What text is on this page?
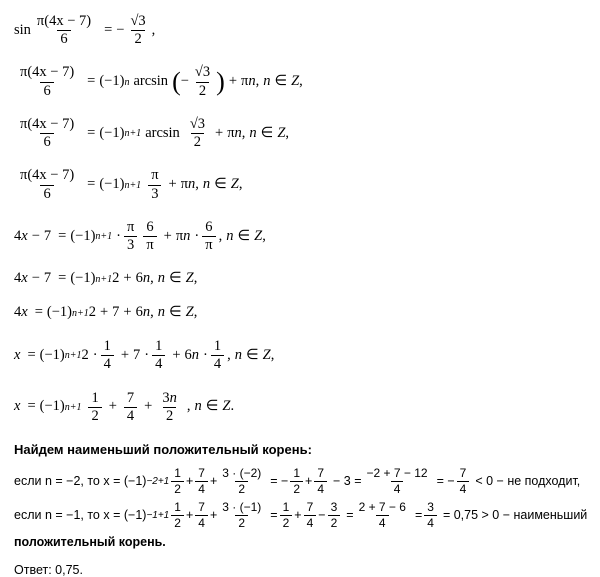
$\sin \frac{\pi(4x - 7)}{6}$ = − $\frac{√3}{2}$ ,
$\frac{\pi(4x - 7)}{6} = (-1)$ n arcsin ( − $\frac{√3}{2}$ ) + π n , n ∈ Z ,
$\frac{\pi(4x - 7)}{6} = (-1)$ n+1 $\arcsin \frac{√3}{2} + \pi$ n , n ∈ Z ,
$\frac{\pi(4x - 7)}{6} = (-1)$ $n+1 \frac{\pi}{3} + \pi$ n , n ∈ Z ,
4 x − 7 = (−1) $n+1 \cdot \frac{\pi}{3} \frac{6}{\pi} + \pi$ $n \cdot \frac{6}{\pi}$ , n ∈ Z ,
4 x − 7 = (−1) n+1 2 + 6 n , n ∈ Z ,
4 x = (−1) n+1 2 + 7 + 6 n , n ∈ Z ,
x = (−1) n+1 $2 \cdot \frac{1}{4} + 7 \cdot \frac{1}{4} + 6$ $n \cdot \frac{1}{4}$ , n ∈ Z ,
x = (−1) $n+1 \frac{1}{2} + \frac{7}{4} + \frac{3n}{2}$ , n ∈ Z .
Найдем наименьший положительный корень:
если n = −2, то $x = (-1) -2+1 \frac{1}{2} + \frac{7}{4} + \frac{3 \cdot (-2)}{2}$ = − $\frac{1}{2} + \frac{7}{4} - 3 = \frac{-2 + 7 - 12}{4}$ = − $\frac{7}{4} < 0$ − не подходит,
если n = −1, то $x = (-1) -1+1 \frac{1}{2} + \frac{7}{4} + \frac{3 \cdot (-1)}{2} = \frac{1}{2} + \frac{7}{4} - \frac{3}{2} = \frac{2 + 7 - 6}{4} = \frac{3}{4} = 0,75 > 0$ − наименьший
положительный корень.
Ответ: 0,75.
